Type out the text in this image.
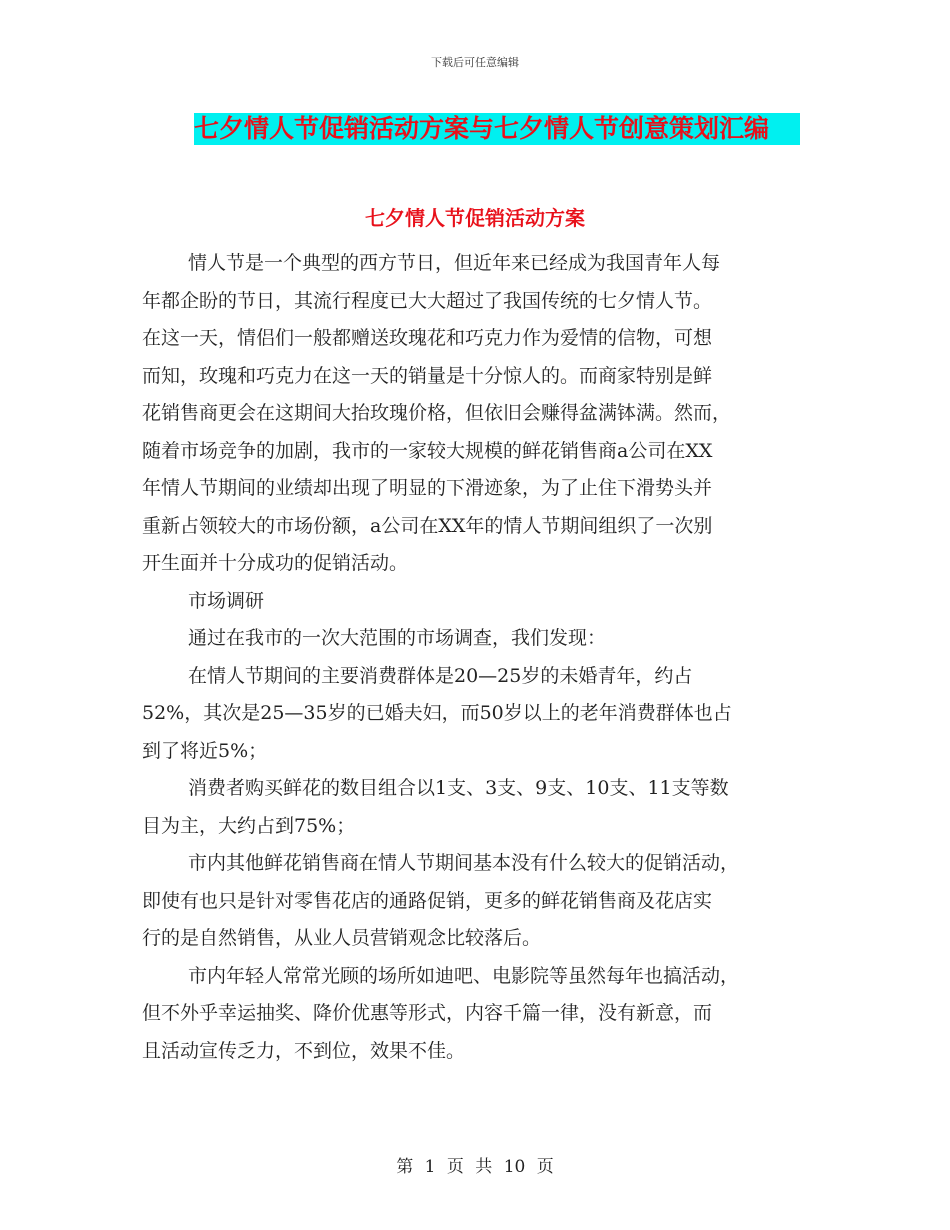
下载后可任意编辑
七夕情人节促销活动方案与七夕情人节创意策划汇编
七夕情人节促销活动方案
情人节是一个典型的西方节日，但近年来已经成为我国青年人每
年都企盼的节日，其流行程度已大大超过了我国传统的七夕情人节。
在这一天，情侣们一般都赠送玫瑰花和巧克力作为爱情的信物，可想
而知，玫瑰和巧克力在这一天的销量是十分惊人的。而商家特别是鲜
花销售商更会在这期间大抬玫瑰价格，但依旧会赚得盆满钵满。然而，
随着市场竞争的加剧，我市的一家较大规模的鲜花销售商a公司在XX
年情人节期间的业绩却出现了明显的下滑迹象，为了止住下滑势头并
重新占领较大的市场份额，a公司在XX年的情人节期间组织了一次别
开生面并十分成功的促销活动。
市场调研
通过在我市的一次大范围的市场调查，我们发现：
在情人节期间的主要消费群体是20—25岁的未婚青年，约占
52%，其次是25—35岁的已婚夫妇，而50岁以上的老年消费群体也占
到了将近5%；
消费者购买鲜花的数目组合以1支、3支、9支、10支、11支等数
目为主，大约占到75%；
市内其他鲜花销售商在情人节期间基本没有什么较大的促销活动，
即使有也只是针对零售花店的通路促销，更多的鲜花销售商及花店实
行的是自然销售，从业人员营销观念比较落后。
市内年轻人常常光顾的场所如迪吧、电影院等虽然每年也搞活动，
但不外乎幸运抽奖、降价优惠等形式，内容千篇一律，没有新意，而
且活动宣传乏力，不到位，效果不佳。
第 1 页 共 10 页
